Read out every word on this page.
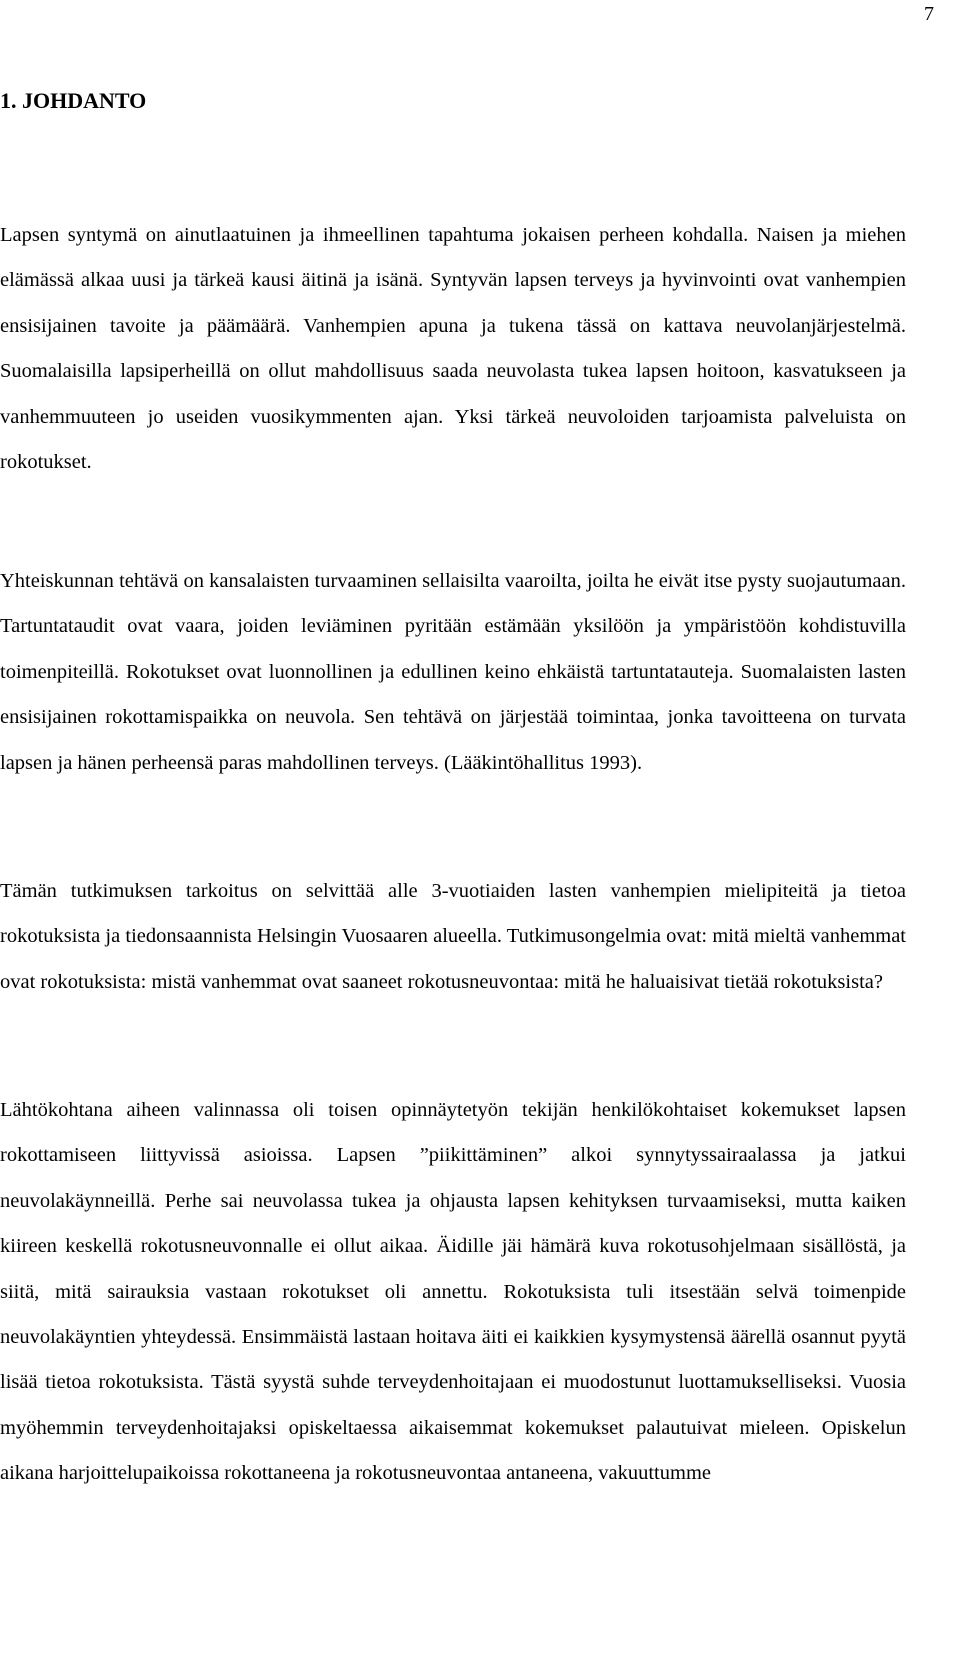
7
1. JOHDANTO

Lapsen syntymä on ainutlaatuinen ja ihmeellinen tapahtuma jokaisen perheen kohdalla. Naisen ja miehen elämässä alkaa uusi ja tärkeä kausi äitinä ja isänä. Syntyvän lapsen terveys ja hyvinvointi ovat vanhempien ensisijainen tavoite ja päämäärä. Vanhempien apuna ja tukena tässä on kattava neuvolanjärjestelmä. Suomalaisilla lapsiperheillä on ollut mahdollisuus saada neuvolasta tukea lapsen hoitoon, kasvatukseen ja vanhemmuuteen jo useiden vuosikymmenten ajan. Yksi tärkeä neuvoloiden tarjoamista palveluista on rokotukset.

Yhteiskunnan tehtävä on kansalaisten turvaaminen sellaisilta vaaroilta, joilta he eivät itse pysty suojautumaan. Tartuntataudit ovat vaara, joiden leviäminen pyritään estämään yksilöön ja ympäristöön kohdistuvilla toimenpiteillä. Rokotukset ovat luonnollinen ja edullinen keino ehkäistä tartuntatauteja. Suomalaisten lasten ensisijainen rokottamispaikka on neuvola. Sen tehtävä on järjestää toimintaa, jonka tavoitteena on turvata lapsen ja hänen perheensä paras mahdollinen terveys. (Lääkintöhallitus 1993).

Tämän tutkimuksen tarkoitus on selvittää alle 3-vuotiaiden lasten vanhempien mielipiteitä ja tietoa rokotuksista ja tiedonsaannista Helsingin Vuosaaren alueella. Tutkimusongelmia ovat: mitä mieltä vanhemmat ovat rokotuksista: mistä vanhemmat ovat saaneet rokotusneuvontaa: mitä he haluaisivat tietää rokotuksista?

Lähtökohtana aiheen valinnassa oli toisen opinnäytetyön tekijän henkilökohtaiset kokemukset lapsen rokottamiseen liittyvissä asioissa. Lapsen ”piikittäminen” alkoi synnytyssairaalassa ja jatkui neuvolakäynneillä. Perhe sai neuvolassa tukea ja ohjausta lapsen kehityksen turvaamiseksi, mutta kaiken kiireen keskellä rokotusneuvonnalle ei ollut aikaa. Äidille jäi hämärä kuva rokotusohjelmaan sisällöstä, ja siitä, mitä sairauksia vastaan rokotukset oli annettu. Rokotuksista tuli itsestään selvä toimenpide neuvolakäyntien yhteydessä. Ensimmäistä lastaan hoitava äiti ei kaikkien kysymystensä äärellä osannut pyytä lisää tietoa rokotuksista. Tästä syystä suhde terveydenhoitajaan ei muodostunut luottamukselliseksi. Vuosia myöhemmin terveydenhoitajaksi opiskeltaessa aikaisemmat kokemukset palautuivat mieleen. Opiskelun aikana harjoittelupaikoissa rokottaneena ja rokotusneuvontaa antaneena, vakuuttumme
